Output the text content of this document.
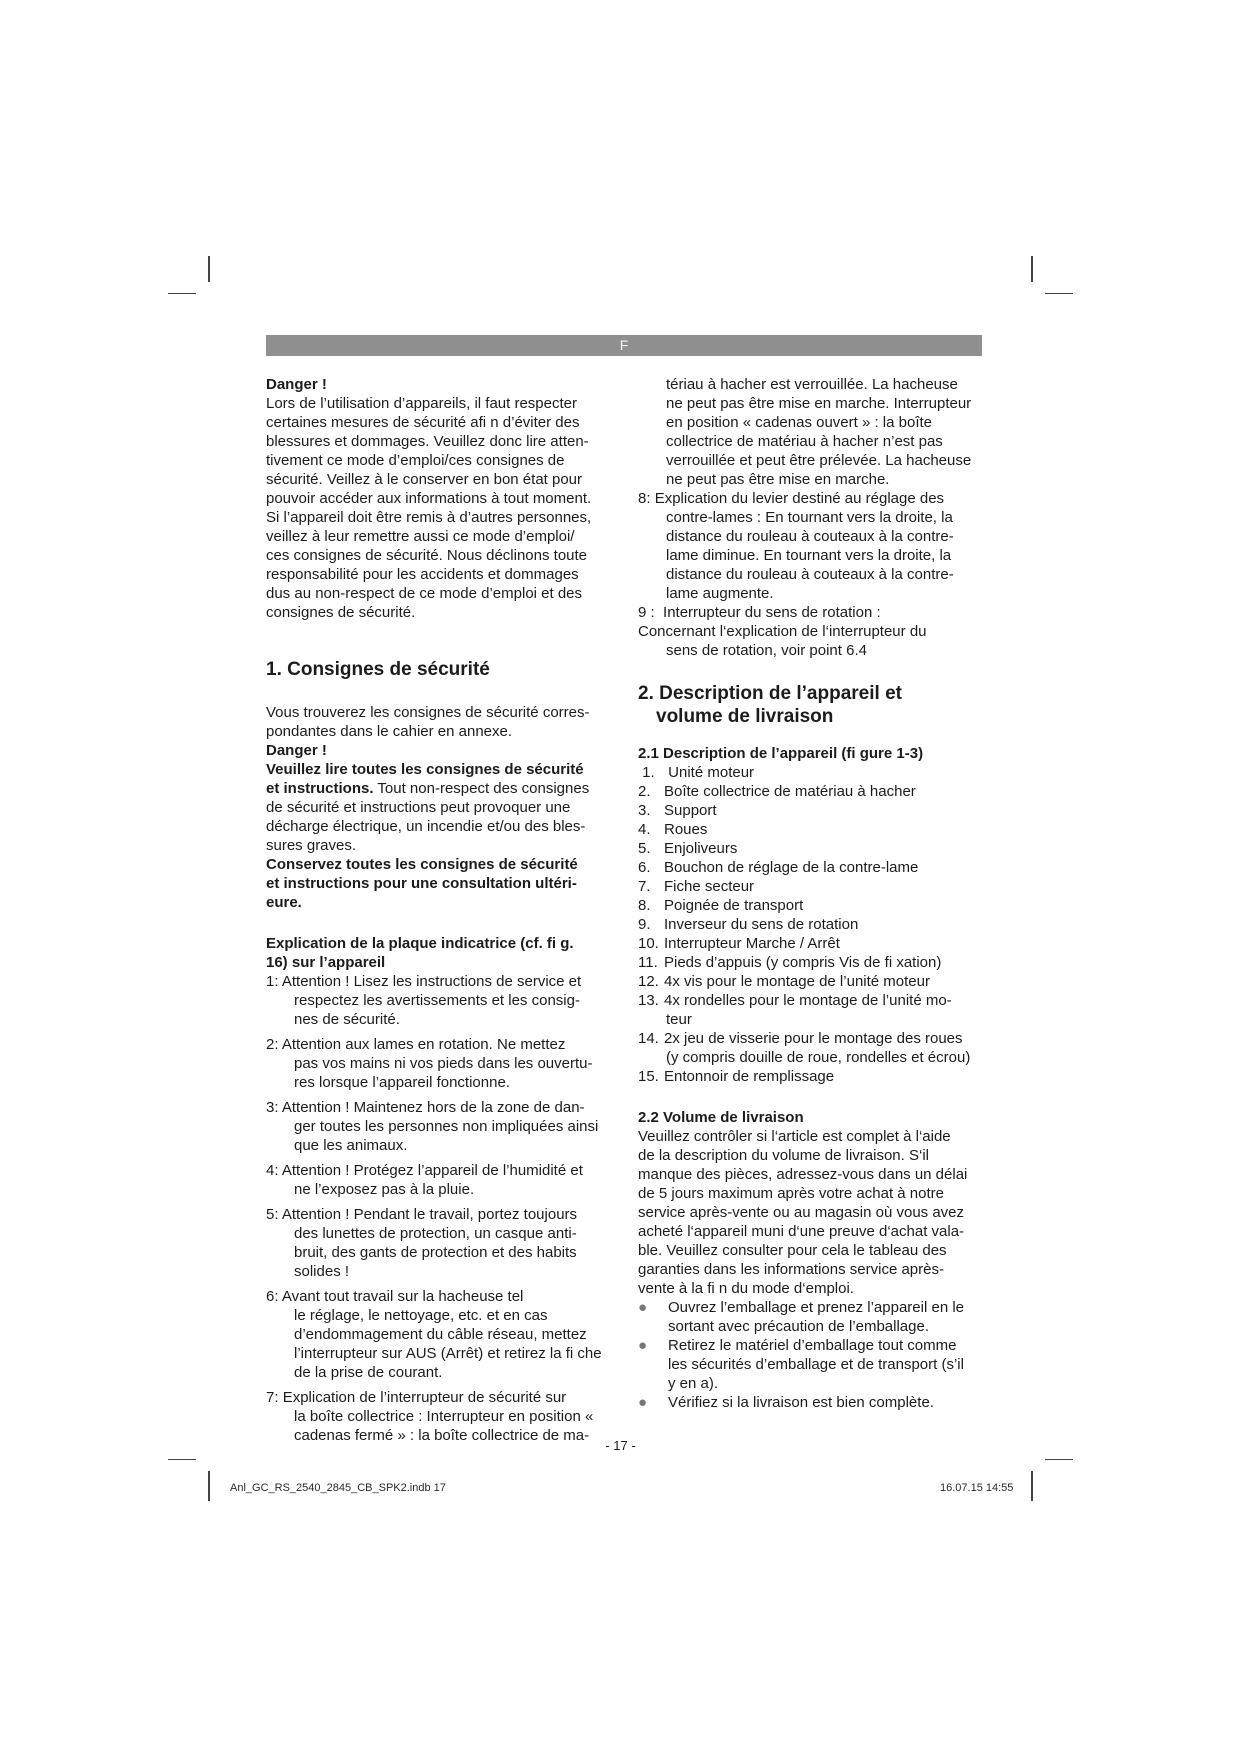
F
Danger !
Lors de l’utilisation d’appareils, il faut respecter
certaines mesures de sécurité afi n d’éviter des
blessures et dommages. Veuillez donc lire atten-
tivement ce mode d’emploi/ces consignes de
sécurité. Veillez à le conserver en bon état pour
pouvoir accéder aux informations à tout moment.
Si l’appareil doit être remis à d’autres personnes,
veillez à leur remettre aussi ce mode d’emploi/
ces consignes de sécurité. Nous déclinons toute
responsabilité pour les accidents et dommages
dus au non-respect de ce mode d’emploi et des
consignes de sécurité.
1. Consignes de sécurité
Vous trouverez les consignes de sécurité corres-
pondantes dans le cahier en annexe.
Danger !
Veuillez lire toutes les consignes de sécurité
et instructions. Tout non-respect des consignes
de sécurité et instructions peut provoquer une
décharge électrique, un incendie et/ou des bles-
sures graves.
Conservez toutes les consignes de sécurité
et instructions pour une consultation ultéri-
eure.
Explication de la plaque indicatrice (cf. fi g.
16) sur l’appareil
1: Attention ! Lisez les instructions de service et
respectez les avertissements et les consig-
nes de sécurité.
2: Attention aux lames en rotation. Ne mettez
pas vos mains ni vos pieds dans les ouvertu-
res lorsque l’appareil fonctionne.
3: Attention ! Maintenez hors de la zone de dan-
ger toutes les personnes non impliquées ainsi
que les animaux.
4: Attention ! Protégez l’appareil de l’humidité et
ne l’exposez pas à la pluie.
5: Attention ! Pendant le travail, portez toujours
des lunettes de protection, un casque anti-
bruit, des gants de protection et des habits
solides !
6: Avant tout travail sur la hacheuse tel
le réglage, le nettoyage, etc. et en cas
d’endommagement du câble réseau, mettez
l’interrupteur sur AUS (Arrêt) et retirez la fi che
de la prise de courant.
7: Explication de l’interrupteur de sécurité sur
la boîte collectrice : Interrupteur en position «
cadenas fermé » : la boîte collectrice de ma-
tériau à hacher est verrouillée. La hacheuse
ne peut pas être mise en marche. Interrupteur
en position « cadenas ouvert » : la boîte
collectrice de matériau à hacher n’est pas
verrouillée et peut être prélevée. La hacheuse
ne peut pas être mise en marche.
8: Explication du levier destiné au réglage des
contre-lames : En tournant vers la droite, la
distance du rouleau à couteaux à la contre-
lame diminue. En tournant vers la droite, la
distance du rouleau à couteaux à la contre-
lame augmente.
9 : Interrupteur du sens de rotation :
Concernant l‘explication de l‘interrupteur du
sens de rotation, voir point 6.4
2. Description de l’appareil et
volume de livraison
2.1 Description de l’appareil (fi gure 1-3)
1. Unité moteur
2. Boîte collectrice de matériau à hacher
3. Support
4. Roues
5. Enjoliveurs
6. Bouchon de réglage de la contre-lame
7. Fiche secteur
8. Poignée de transport
9. Inverseur du sens de rotation
10. Interrupteur Marche / Arrêt
11. Pieds d’appuis (y compris Vis de fi xation)
12. 4x vis pour le montage de l’unité moteur
13. 4x rondelles pour le montage de l’unité mo-
teur
14. 2x jeu de visserie pour le montage des roues
(y compris douille de roue, rondelles et écrou)
15. Entonnoir de remplissage
2.2 Volume de livraison
Veuillez contrôler si l‘article est complet à l‘aide
de la description du volume de livraison. S‘il
manque des pièces, adressez-vous dans un délai
de 5 jours maximum après votre achat à notre
service après-vente ou au magasin où vous avez
acheté l‘appareil muni d‘une preuve d‘achat vala-
ble. Veuillez consulter pour cela le tableau des
garanties dans les informations service après-
vente à la fi n du mode d‘emploi.
● Ouvrez l’emballage et prenez l’appareil en le
sortant avec précaution de l’emballage.
● Retirez le matériel d’emballage tout comme
les sécurités d’emballage et de transport (s’il
y en a).
● Vérifiez si la livraison est bien complète.
- 17 -
Anl_GC_RS_2540_2845_CB_SPK2.indb 17	16.07.15 14:55
